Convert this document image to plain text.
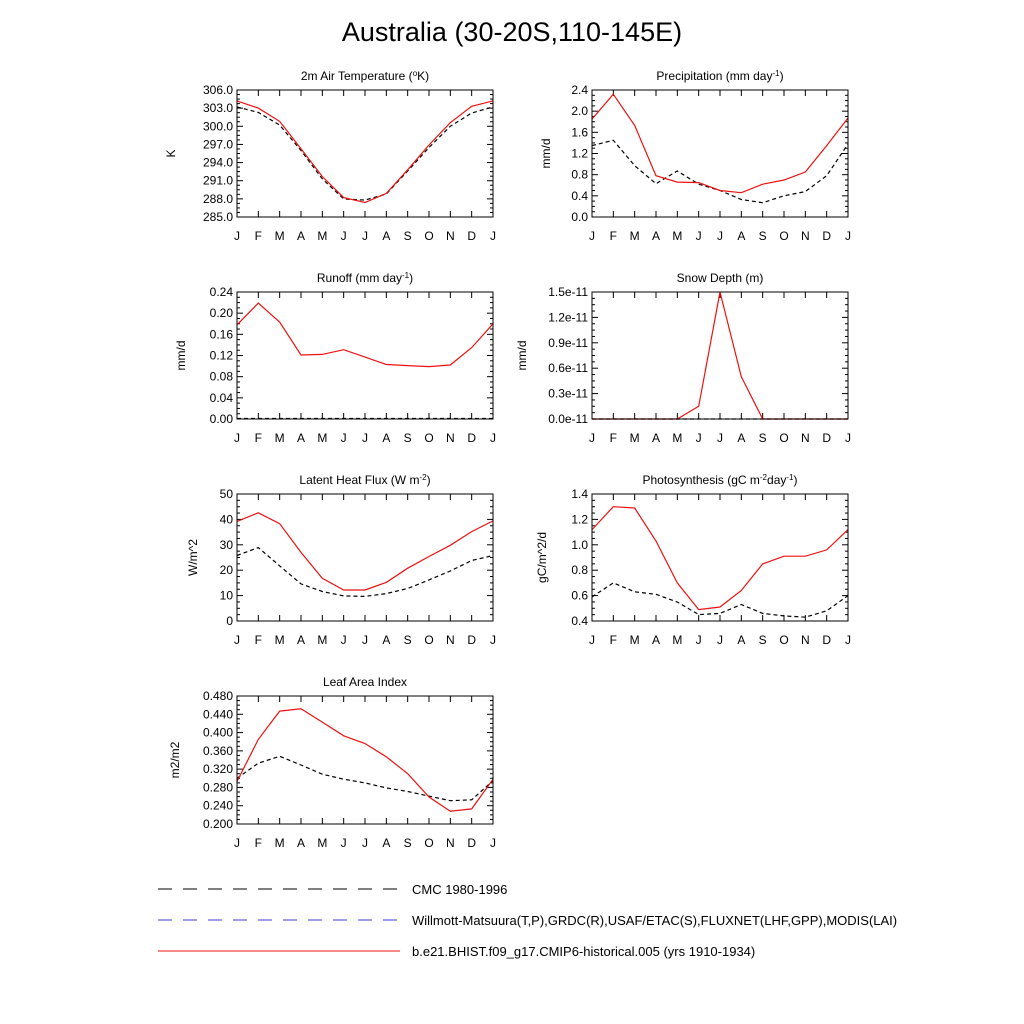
Australia (30-20S,110-145E)
2m Air Temperature ($^o$K)
285.0
288.0
291.0
294.0
297.0
300.0
303.0
306.0
J F M A M J J A S O N D J
K
Precipitation (mm day$^{-1}$)
0.0
0.4
0.8
1.2
1.6
2.0
2.4
J F M A M J J A S O N D J
mm/d
Runoff (mm day$^{-1}$)
0.00
0.04
0.08
0.12
0.16
0.20
0.24
J F M A M J J A S O N D J
mm/d
Snow Depth (m)
0.0e-11
0.3e-11
0.6e-11
0.9e-11
1.2e-11
1.5e-11
J F M A M J J A S O N D J
mm/d
Latent Heat Flux (W $m^{-2}$)
0
10
20
30
40
50
J F M A M J J A S O N D J
W/m^2
Photosynthesis (gC $m^{-2}day^{-1}$)
0.4
0.6
0.8
1.0
1.2
1.4
J F M A M J J A S O N D J
gC/m^2/d
Leaf Area Index
0.200
0.240
0.280
0.320
0.360
0.400
0.440
0.480
J F M A M J J A S O N D J
m2/m2
CMC 1980-1996
Willmott-Matsuura(T,P),GRDC(R),USAF/ETAC(S),FLUXNET(LHF,GPP),MODIS(LAI)
b.e21.BHIST.f09_g17.CMIP6-historical.005 (yrs 1910-1934)
